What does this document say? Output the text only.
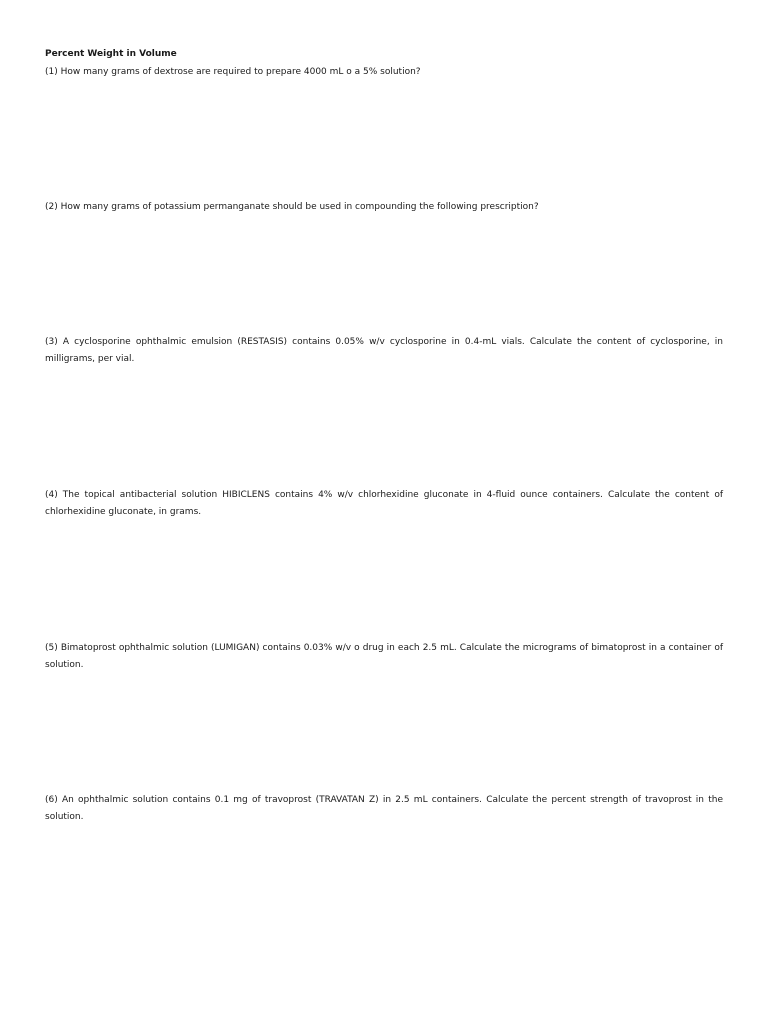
Percent Weight in Volume

(1) How many grams of dextrose are required to prepare 4000 mL o a 5% solution?

(2) How many grams of potassium permanganate should be used in compounding the following prescription?

(3) A cyclosporine ophthalmic emulsion (RESTASIS) contains 0.05% w/v cyclosporine in 0.4-mL vials. Calculate the content of cyclosporine, in milligrams, per vial.

(4) The topical antibacterial solution HIBICLENS contains 4% w/v chlorhexidine gluconate in 4-fluid ounce containers. Calculate the content of chlorhexidine gluconate, in grams.

(5) Bimatoprost ophthalmic solution (LUMIGAN) contains 0.03% w/v o drug in each 2.5 mL. Calculate the micrograms of bimatoprost in a container of solution.

(6) An ophthalmic solution contains 0.1 mg of travoprost (TRAVATAN Z) in 2.5 mL containers. Calculate the percent strength of travoprost in the solution.
